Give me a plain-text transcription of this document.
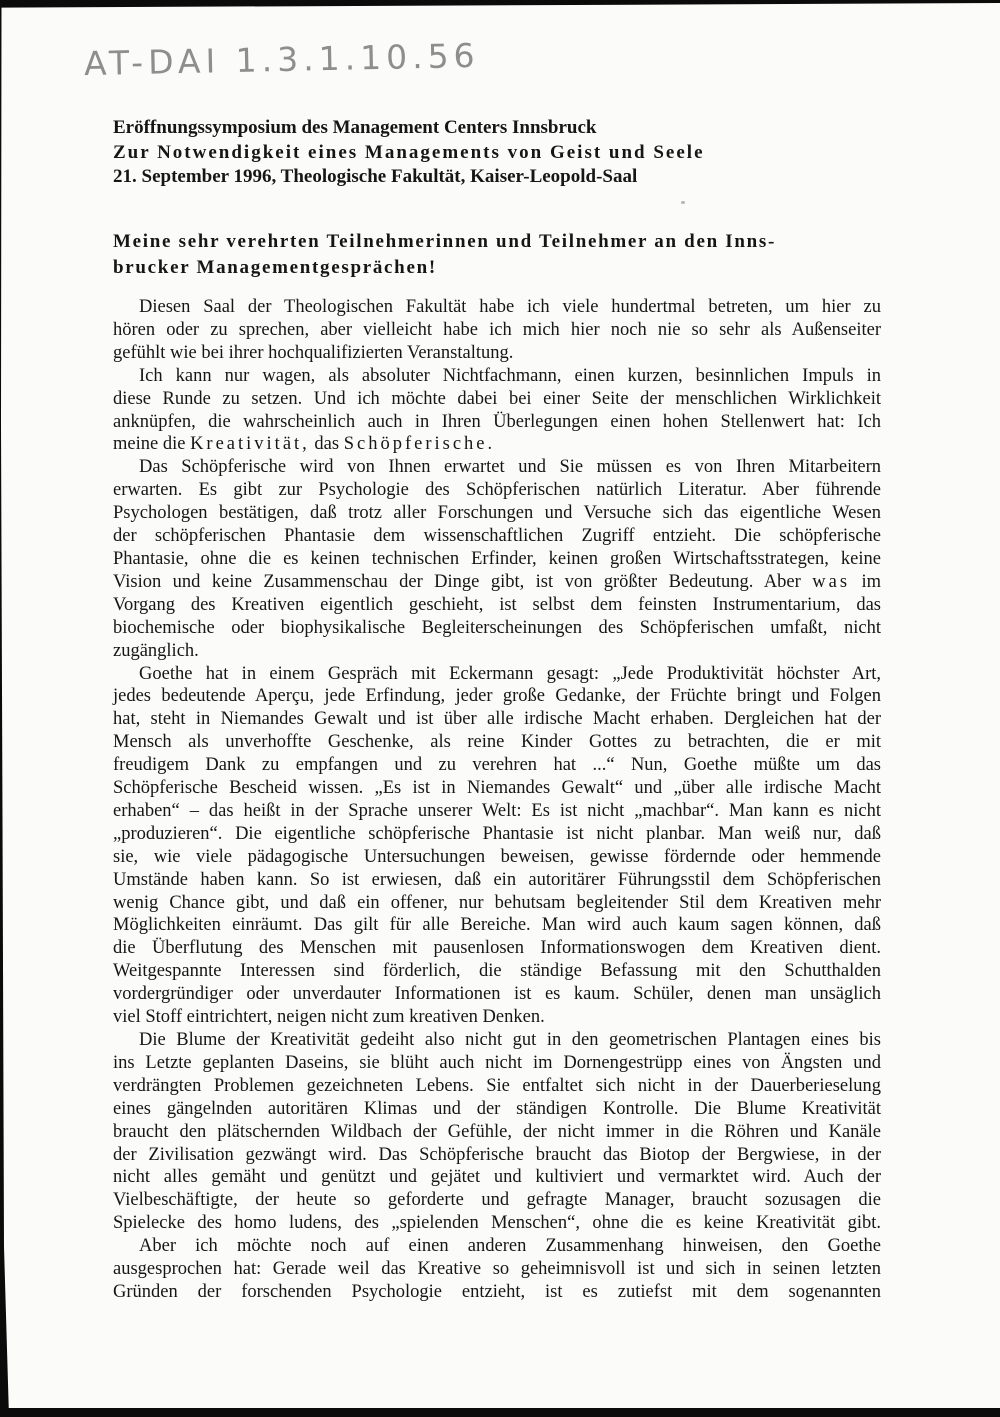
AT-DAI 1.3.1.10.56
Eröffnungssymposium des Management Centers Innsbruck
Zur Notwendigkeit eines Managements von Geist und Seele
21. September 1996, Theologische Fakultät, Kaiser-Leopold-Saal
Meine sehr verehrten Teilnehmerinnen und Teilnehmer an den Inns-
brucker Managementgesprächen!
Diesen Saal der Theologischen Fakultät habe ich viele hundertmal betreten, um hier zu
hören oder zu sprechen, aber vielleicht habe ich mich hier noch nie so sehr als Außenseiter
gefühlt wie bei ihrer hochqualifizierten Veranstaltung.
Ich kann nur wagen, als absoluter Nichtfachmann, einen kurzen, besinnlichen Impuls in
diese Runde zu setzen. Und ich möchte dabei bei einer Seite der menschlichen Wirklichkeit
anknüpfen, die wahrscheinlich auch in Ihren Überlegungen einen hohen Stellenwert hat: Ich
meine die Kreativität, das Schöpferische.
Das Schöpferische wird von Ihnen erwartet und Sie müssen es von Ihren Mitarbeitern
erwarten. Es gibt zur Psychologie des Schöpferischen natürlich Literatur. Aber führende
Psychologen bestätigen, daß trotz aller Forschungen und Versuche sich das eigentliche Wesen
der schöpferischen Phantasie dem wissenschaftlichen Zugriff entzieht. Die schöpferische
Phantasie, ohne die es keinen technischen Erfinder, keinen großen Wirtschaftsstrategen, keine
Vision und keine Zusammenschau der Dinge gibt, ist von größter Bedeutung. Aber was im
Vorgang des Kreativen eigentlich geschieht, ist selbst dem feinsten Instrumentarium, das
biochemische oder biophysikalische Begleiterscheinungen des Schöpferischen umfaßt, nicht
zugänglich.
Goethe hat in einem Gespräch mit Eckermann gesagt: „Jede Produktivität höchster Art,
jedes bedeutende Aperçu, jede Erfindung, jeder große Gedanke, der Früchte bringt und Folgen
hat, steht in Niemandes Gewalt und ist über alle irdische Macht erhaben. Dergleichen hat der
Mensch als unverhoffte Geschenke, als reine Kinder Gottes zu betrachten, die er mit
freudigem Dank zu empfangen und zu verehren hat ...“ Nun, Goethe müßte um das
Schöpferische Bescheid wissen. „Es ist in Niemandes Gewalt“ und „über alle irdische Macht
erhaben“ – das heißt in der Sprache unserer Welt: Es ist nicht „machbar“. Man kann es nicht
„produzieren“. Die eigentliche schöpferische Phantasie ist nicht planbar. Man weiß nur, daß
sie, wie viele pädagogische Untersuchungen beweisen, gewisse fördernde oder hemmende
Umstände haben kann. So ist erwiesen, daß ein autoritärer Führungsstil dem Schöpferischen
wenig Chance gibt, und daß ein offener, nur behutsam begleitender Stil dem Kreativen mehr
Möglichkeiten einräumt. Das gilt für alle Bereiche. Man wird auch kaum sagen können, daß
die Überflutung des Menschen mit pausenlosen Informationswogen dem Kreativen dient.
Weitgespannte Interessen sind förderlich, die ständige Befassung mit den Schutthalden
vordergründiger oder unverdauter Informationen ist es kaum. Schüler, denen man unsäglich
viel Stoff eintrichtert, neigen nicht zum kreativen Denken.
Die Blume der Kreativität gedeiht also nicht gut in den geometrischen Plantagen eines bis
ins Letzte geplanten Daseins, sie blüht auch nicht im Dornengestrüpp eines von Ängsten und
verdrängten Problemen gezeichneten Lebens. Sie entfaltet sich nicht in der Dauerberieselung
eines gängelnden autoritären Klimas und der ständigen Kontrolle. Die Blume Kreativität
braucht den plätschernden Wildbach der Gefühle, der nicht immer in die Röhren und Kanäle
der Zivilisation gezwängt wird. Das Schöpferische braucht das Biotop der Bergwiese, in der
nicht alles gemäht und genützt und gejätet und kultiviert und vermarktet wird. Auch der
Vielbeschäftigte, der heute so geforderte und gefragte Manager, braucht sozusagen die
Spielecke des homo ludens, des „spielenden Menschen“, ohne die es keine Kreativität gibt.
Aber ich möchte noch auf einen anderen Zusammenhang hinweisen, den Goethe
ausgesprochen hat: Gerade weil das Kreative so geheimnisvoll ist und sich in seinen letzten
Gründen der forschenden Psychologie entzieht, ist es zutiefst mit dem sogenannten
